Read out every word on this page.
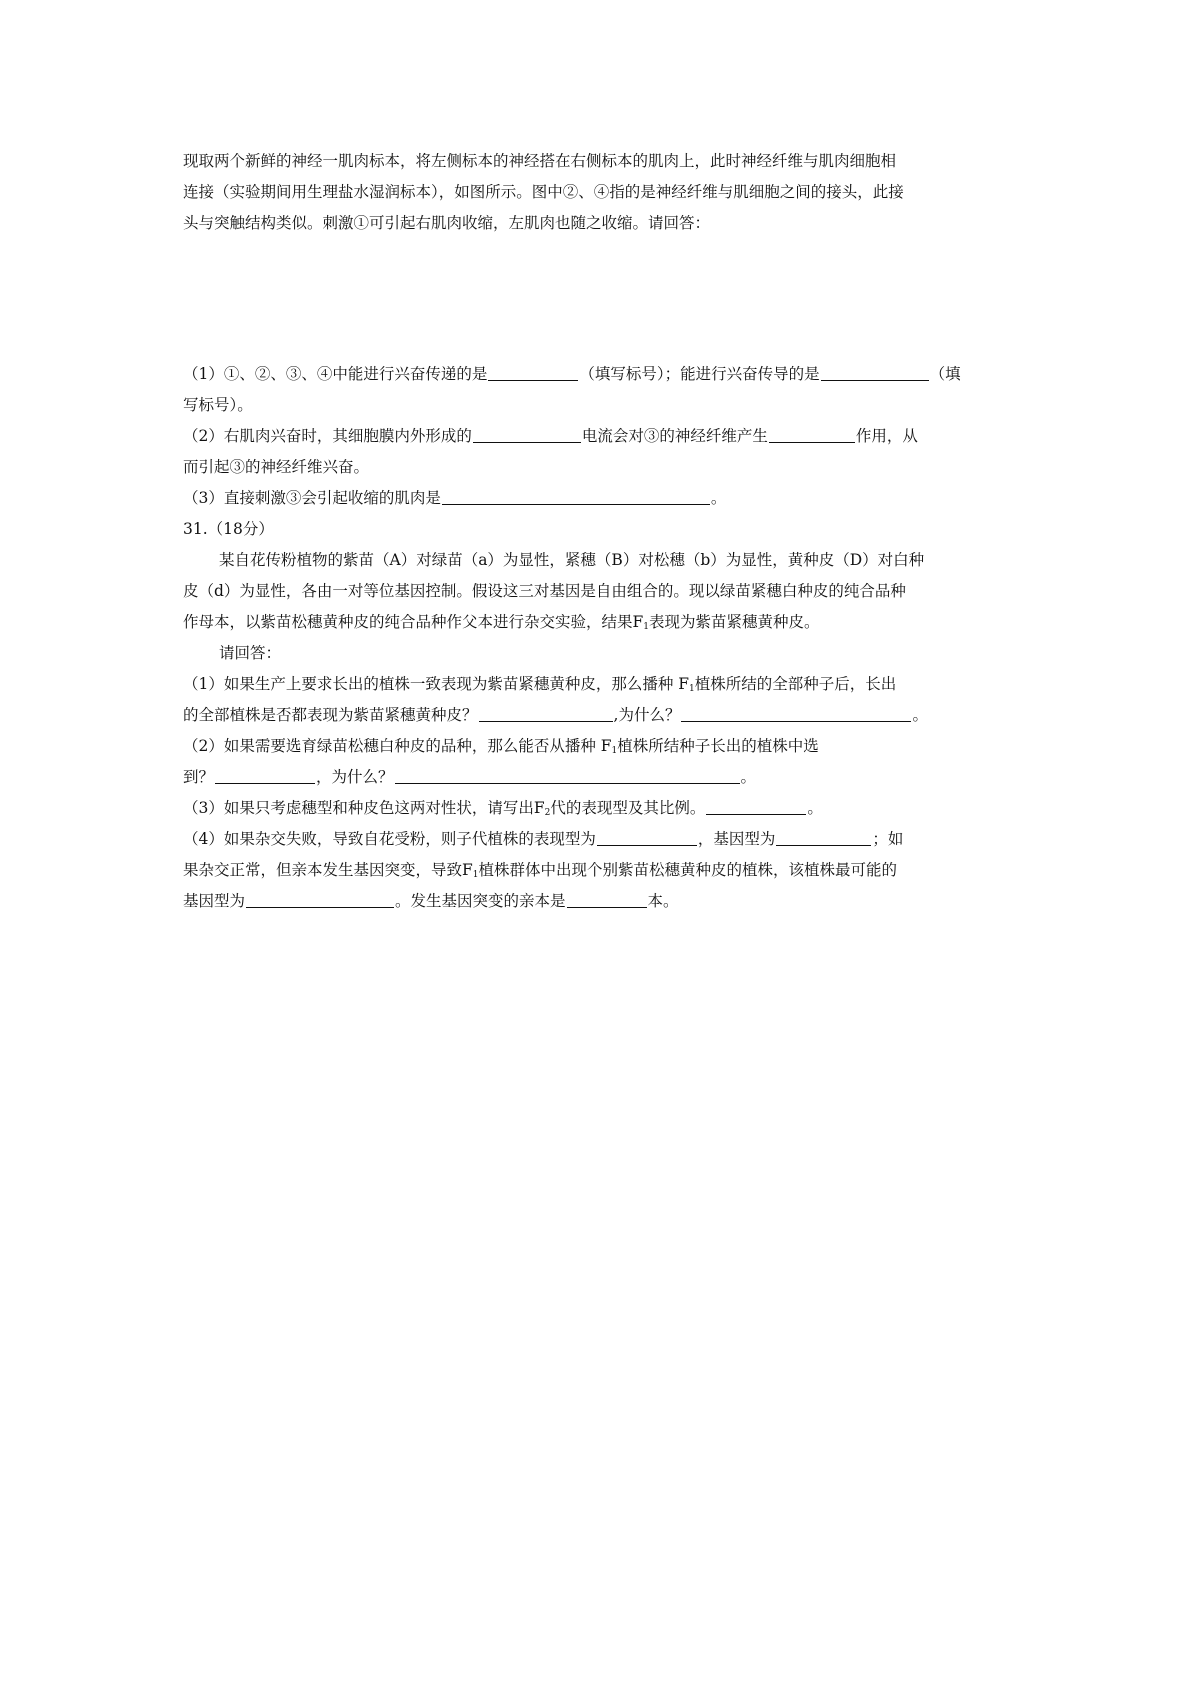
现取两个新鲜的神经一肌肉标本，将左侧标本的神经搭在右侧标本的肌肉上，此时神经纤维与肌肉细胞相
连接（实验期间用生理盐水湿润标本），如图所示。图中②、④指的是神经纤维与肌细胞之间的接头，此接
头与突触结构类似。刺激①可引起右肌肉收缩，左肌肉也随之收缩。请回答：
（1）①、②、③、④中能进行兴奋传递的是	（填写标号）；能进行兴奋传导的是	（填
写标号）。
（2）右肌肉兴奋时，其细胞膜内外形成的	电流会对③的神经纤维产生	作用，从
而引起③的神经纤维兴奋。
（3）直接刺激③会引起收缩的肌肉是	。
31.（18分）
某自花传粉植物的紫苗（A）对绿苗（a）为显性，紧穗（B）对松穗（b）为显性，黄种皮（D）对白种
皮（d）为显性，各由一对等位基因控制。假设这三对基因是自由组合的。现以绿苗紧穗白种皮的纯合品种
作母本，以紫苗松穗黄种皮的纯合品种作父本进行杂交实验，结果$F_1$表现为紫苗紧穗黄种皮。
请回答：
（1）如果生产上要求长出的植株一致表现为紫苗紧穗黄种皮，那么播种 $F_1$植株所结的全部种子后，长出
的全部植株是否都表现为紫苗紧穗黄种皮？	,为什么？	。
（2）如果需要选育绿苗松穗白种皮的品种，那么能否从播种 $F_1$植株所结种子长出的植株中选
到？	，为什么？	。
（3）如果只考虑穗型和种皮色这两对性状，请写出$F_2$代的表现型及其比例。	。
（4）如果杂交失败，导致自花受粉，则子代植株的表现型为	，基因型为	；如
果杂交正常，但亲本发生基因突变，导致$F_1$植株群体中出现个别紫苗松穗黄种皮的植株，该植株最可能的
基因型为	。发生基因突变的亲本是	本。
